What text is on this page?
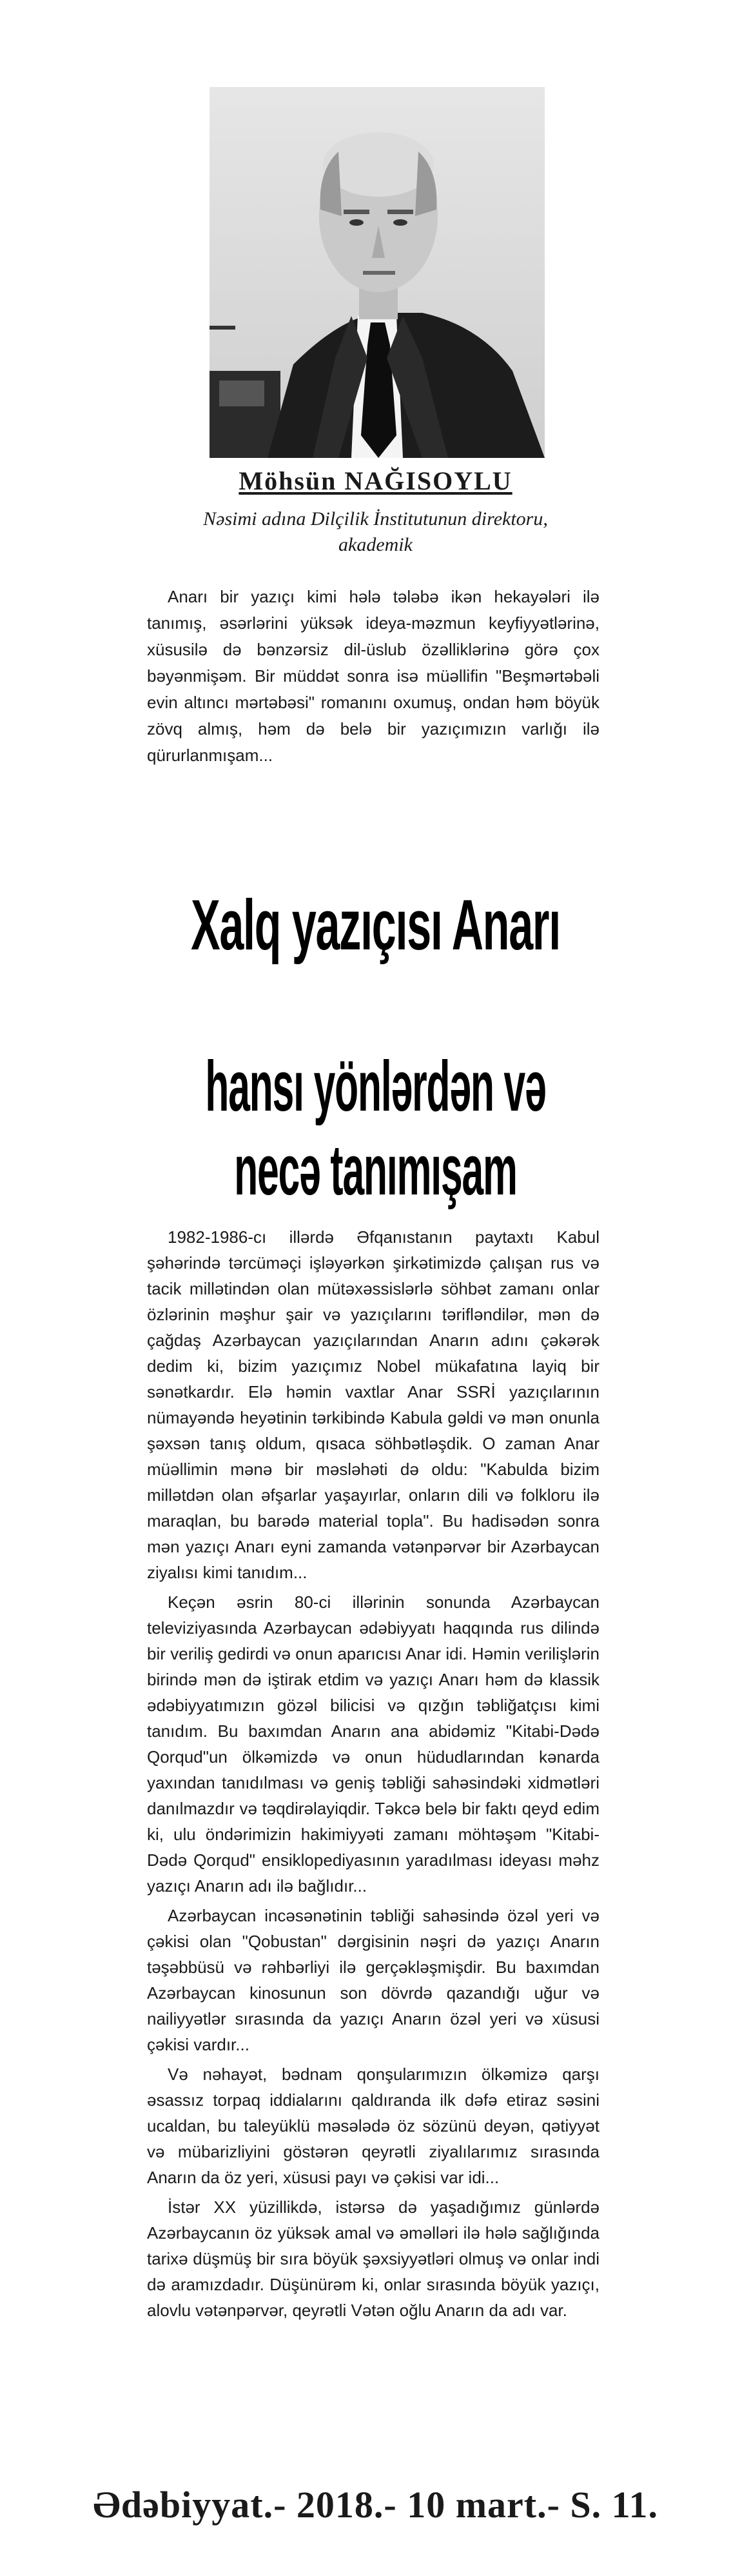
Möhsün NAĞISOYLU
Nəsimi adına Dilçilik İnstitutunun direktoru,
akademik

Anarı bir yazıçı kimi hələ tələbə ikən hekayələri ilə tanımış, əsərlərini yüksək ideya-məzmun keyfiyyətlərinə, xüsusilə də bənzərsiz dil-üslub özəlliklərinə görə çox bəyənmişəm. Bir müddət sonra isə müəllifin "Beşmərtəbəli evin altıncı mərtəbəsi" romanını oxumuş, ondan həm böyük zövq almış, həm də belə bir yazıçımızın varlığı ilə qürurlanmışam...

Xalq yazıçısı Anarı
hansı yönlərdən və necə tanımışam

1982-1986-cı illərdə Əfqanıstanın paytaxtı Kabul şəhərində tərcüməçi işləyərkən şirkətimizdə çalışan rus və tacik millətindən olan mütəxəssislərlə söhbət zamanı onlar özlərinin məşhur şair və yazıçılarını tərifləndilər, mən də çağdaş Azərbaycan yazıçılarından Anarın adını çəkərək dedim ki, bizim yazıçımız Nobel mükafatına layiq bir sənətkardır. Elə həmin vaxtlar Anar SSRİ yazıçılarının nümayəndə heyətinin tərkibində Kabula gəldi və mən onunla şəxsən tanış oldum, qısaca söhbətləşdik. O zaman Anar müəllimin mənə bir məsləhəti də oldu: "Kabulda bizim millətdən olan əfşarlar yaşayırlar, onların dili və folkloru ilə maraqlan, bu barədə material topla". Bu hadisədən sonra mən yazıçı Anarı eyni zamanda vətənpərvər bir Azərbaycan ziyalısı kimi tanıdım...

Keçən əsrin 80-ci illərinin sonunda Azərbaycan televiziyasında Azərbaycan ədəbiyyatı haqqında rus dilində bir veriliş gedirdi və onun aparıcısı Anar idi. Həmin verilişlərin birində mən də iştirak etdim və yazıçı Anarı həm də klassik ədəbiyyatımızın gözəl bilicisi və qızğın təbliğatçısı kimi tanıdım. Bu baxımdan Anarın ana abidəmiz "Kitabi-Dədə Qorqud"un ölkəmizdə və onun hüdudlarından kənarda yaxından tanıdılması və geniş təbliği sahəsindəki xidmətləri danılmazdır və təqdirəlayiqdir. Təkcə belə bir faktı qeyd edim ki, ulu öndərimizin hakimiyyəti zamanı möhtəşəm "Kitabi-Dədə Qorqud" ensiklopediyasının yaradılması ideyası məhz yazıçı Anarın adı ilə bağlıdır...

Azərbaycan incəsənətinin təbliği sahəsində özəl yeri və çəkisi olan "Qobustan" dərgisinin nəşri də yazıçı Anarın təşəbbüsü və rəhbərliyi ilə gerçəkləşmişdir. Bu baxımdan Azərbaycan kinosunun son dövrdə qazandığı uğur və nailiyyətlər sırasında da yazıçı Anarın özəl yeri və xüsusi çəkisi vardır...

Və nəhayət, bədnam qonşularımızın ölkəmizə qarşı əsassız torpaq iddialarını qaldıranda ilk dəfə etiraz səsini ucaldan, bu taleyüklü məsələdə öz sözünü deyən, qətiyyət və mübarizliyini göstərən qeyrətli ziyalılarımız sırasında Anarın da öz yeri, xüsusi payı və çəkisi var idi...

İstər XX yüzillikdə, istərsə də yaşadığımız günlərdə Azərbaycanın öz yüksək amal və əməlləri ilə hələ sağlığında tarixə düşmüş bir sıra böyük şəxsiyyətləri olmuş və onlar indi də aramızdadır. Düşünürəm ki, onlar sırasında böyük yazıçı, alovlu vətənpərvər, qeyrətli Vətən oğlu Anarın da adı var.

Ədəbiyyat.- 2018.- 10 mart.- S. 11.
